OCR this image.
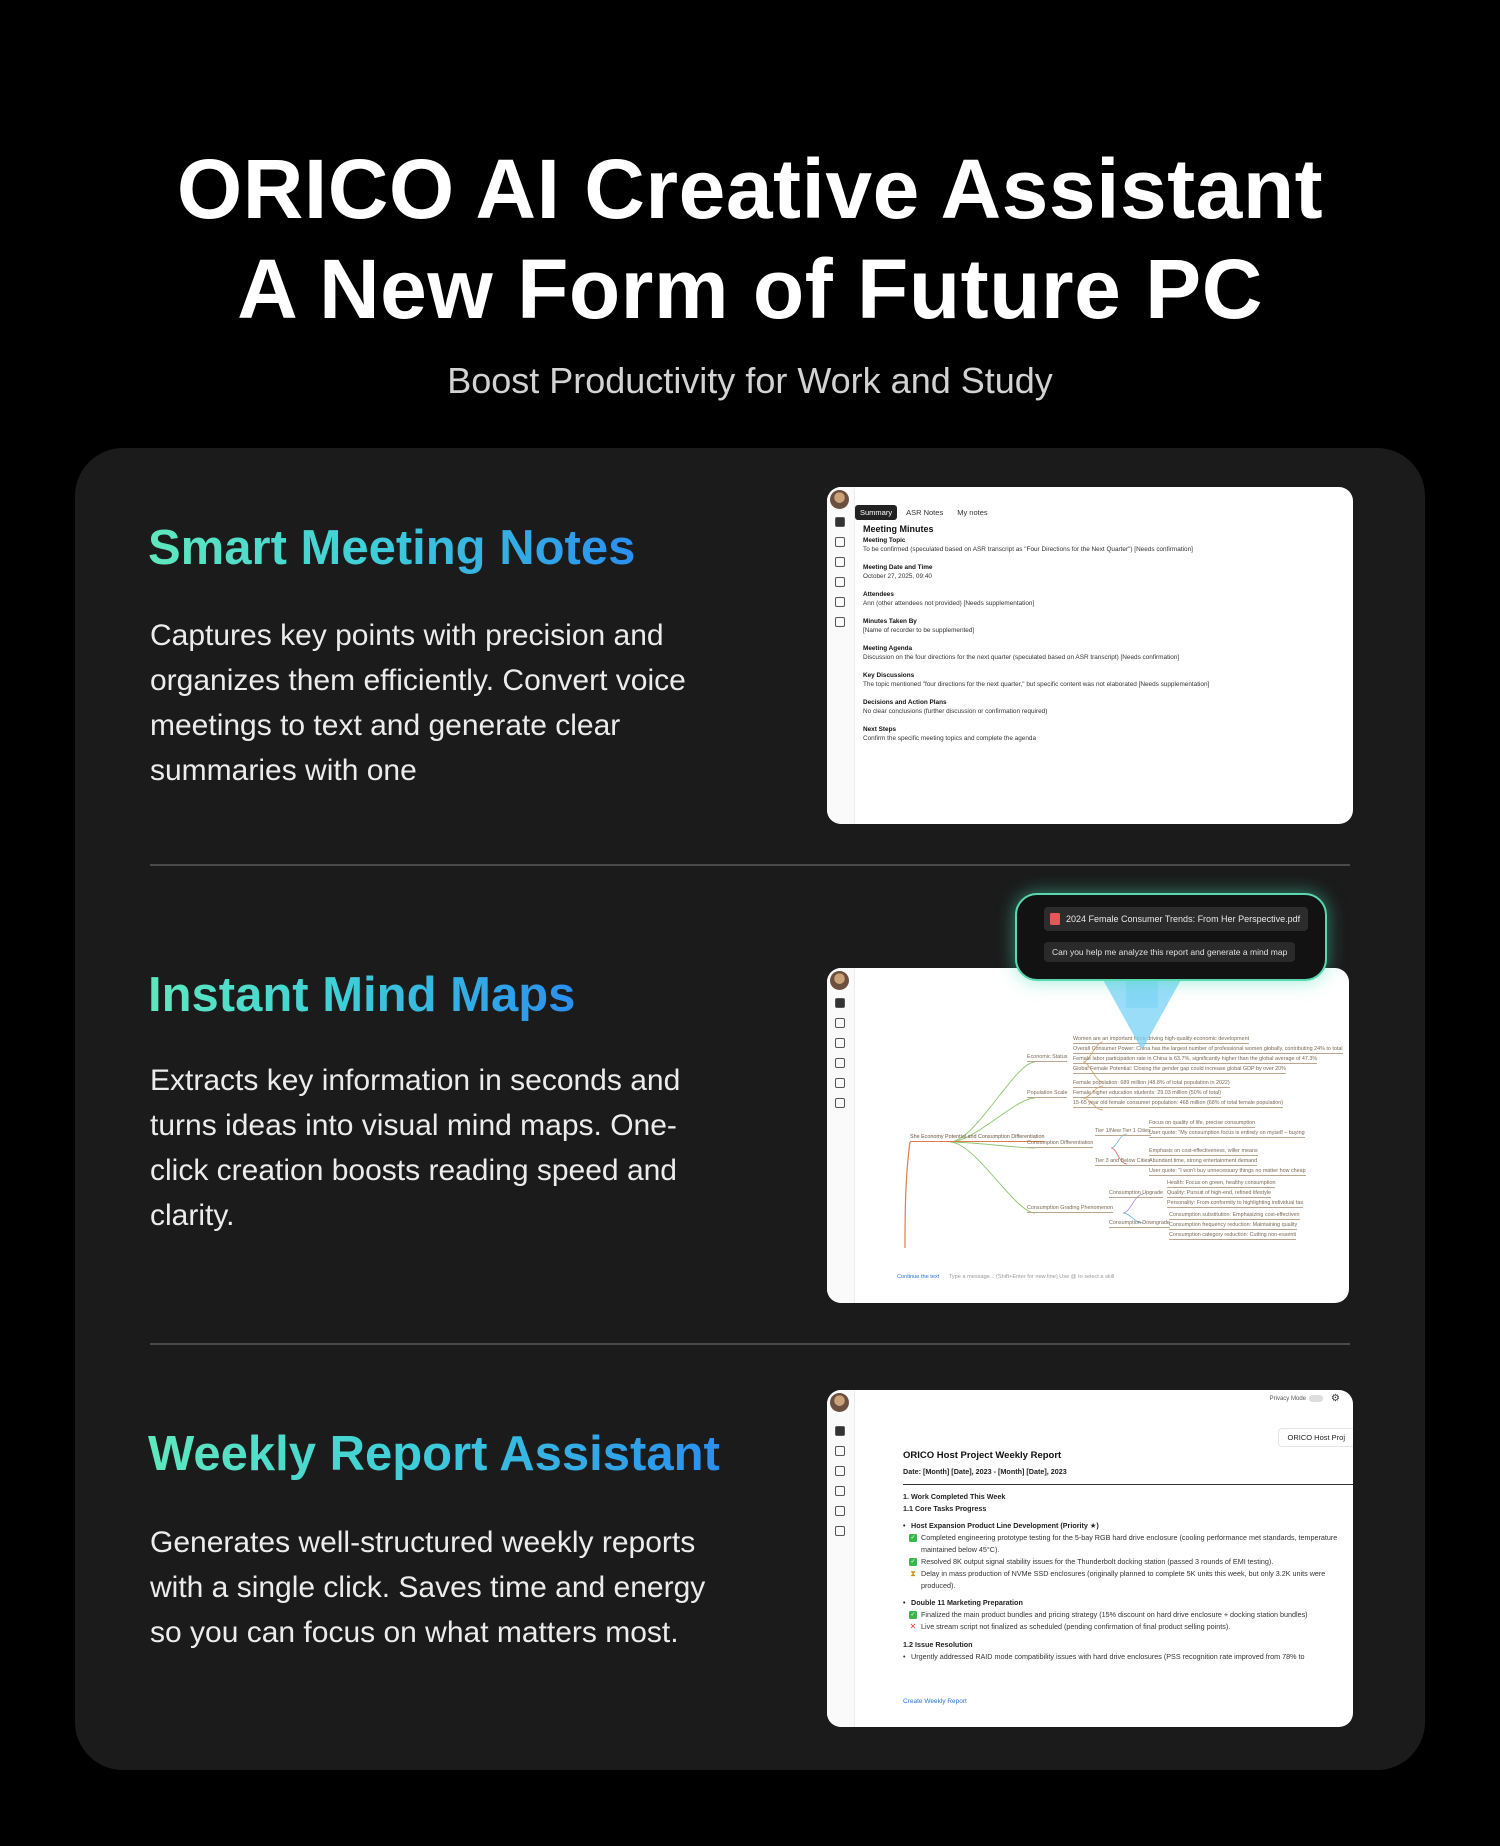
ORICO AI Creative Assistant
A New Form of Future PC
Boost Productivity for Work and Study
Smart Meeting Notes
Captures key points with precision and organizes them efficiently. Convert voice meetings to text and generate clear summaries with one
Summary	ASR Notes	My notes
Meeting Minutes
Meeting Topic
To be confirmed (speculated based on ASR transcript as "Four Directions for the Next Quarter") [Needs confirmation]
Meeting Date and Time
October 27, 2025, 09:40
Attendees
Ann (other attendees not provided) [Needs supplementation]
Minutes Taken By
[Name of recorder to be supplemented]
Meeting Agenda
Discussion on the four directions for the next quarter (speculated based on ASR transcript) [Needs confirmation]
Key Discussions
The topic mentioned "four directions for the next quarter," but specific content was not elaborated [Needs supplementation]
Decisions and Action Plans
No clear conclusions (further discussion or confirmation required)
Next Steps
Confirm the specific meeting topics and complete the agenda
Instant Mind Maps
Extracts key information in seconds and turns ideas into visual mind maps. One-click creation boosts reading speed and clarity.
She Economy Potential and Consumption Differentiation
Economic Status
Population Scale
Consumption Differentiation
Consumption Grading Phenomenon
Women are an important force driving high-quality economic development
Overall Consumer Power: China has the largest number of professional women globally, contributing 24% to total
Female labor participation rate in China is 63.7%, significantly higher than the global average of 47.3%
Global Female Potential: Closing the gender gap could increase global GDP by over 20%
Female population: 689 million (48.8% of total population in 2022)
Female higher education students: 29.03 million (50% of total)
15-65 year old female consumer population: 468 million (68% of total female population)
Tier 1/New Tier 1 Cities
Focus on quality of life, precise consumption
User quote: "My consumption focus is entirely on myself – buying
Tier 3 and Below Cities
Emphasis on cost-effectiveness, willer means
Abundant time, strong entertainment demand
User quote: "I won't buy unnecessary things no matter how cheap
Consumption Upgrade
Health: Focus on green, healthy consumption
Quality: Pursuit of high-end, refined lifestyle
Personality: From conformity to highlighting individual tas
Consumption Downgrade
Consumption substitution: Emphasizing cost-effectiven
Consumption frequency reduction: Maintaining quality
Consumption category reduction: Cutting non-essenti
Continue the text Type a message... (Shift+Enter for new line) Use @ to select a skill
2024 Female Consumer Trends: From Her Perspective.pdf
Can you help me analyze this report and generate a mind map
Weekly Report Assistant
Generates well-structured weekly reports with a single click. Saves time and energy so you can focus on what matters most.
Privacy Mode	⚙
ORICO Host Proj
ORICO Host Project Weekly Report
Date: [Month] [Date], 2023 - [Month] [Date], 2023
1. Work Completed This Week
1.1 Core Tasks Progress
• Host Expansion Product Line Development (Priority ★)
✓ Completed engineering prototype testing for the 5-bay RGB hard drive enclosure (cooling performance met standards, temperature maintained below 45°C).
✓ Resolved 8K output signal stability issues for the Thunderbolt docking station (passed 3 rounds of EMI testing).
⧗ Delay in mass production of NVMe SSD enclosures (originally planned to complete 5K units this week, but only 3.2K units were produced).
• Double 11 Marketing Preparation
✓ Finalized the main product bundles and pricing strategy (15% discount on hard drive enclosure + docking station bundles)
✕ Live stream script not finalized as scheduled (pending confirmation of final product selling points).
1.2 Issue Resolution
• Urgently addressed RAID mode compatibility issues with hard drive enclosures (PSS recognition rate improved from 78% to
Create Weekly Report
